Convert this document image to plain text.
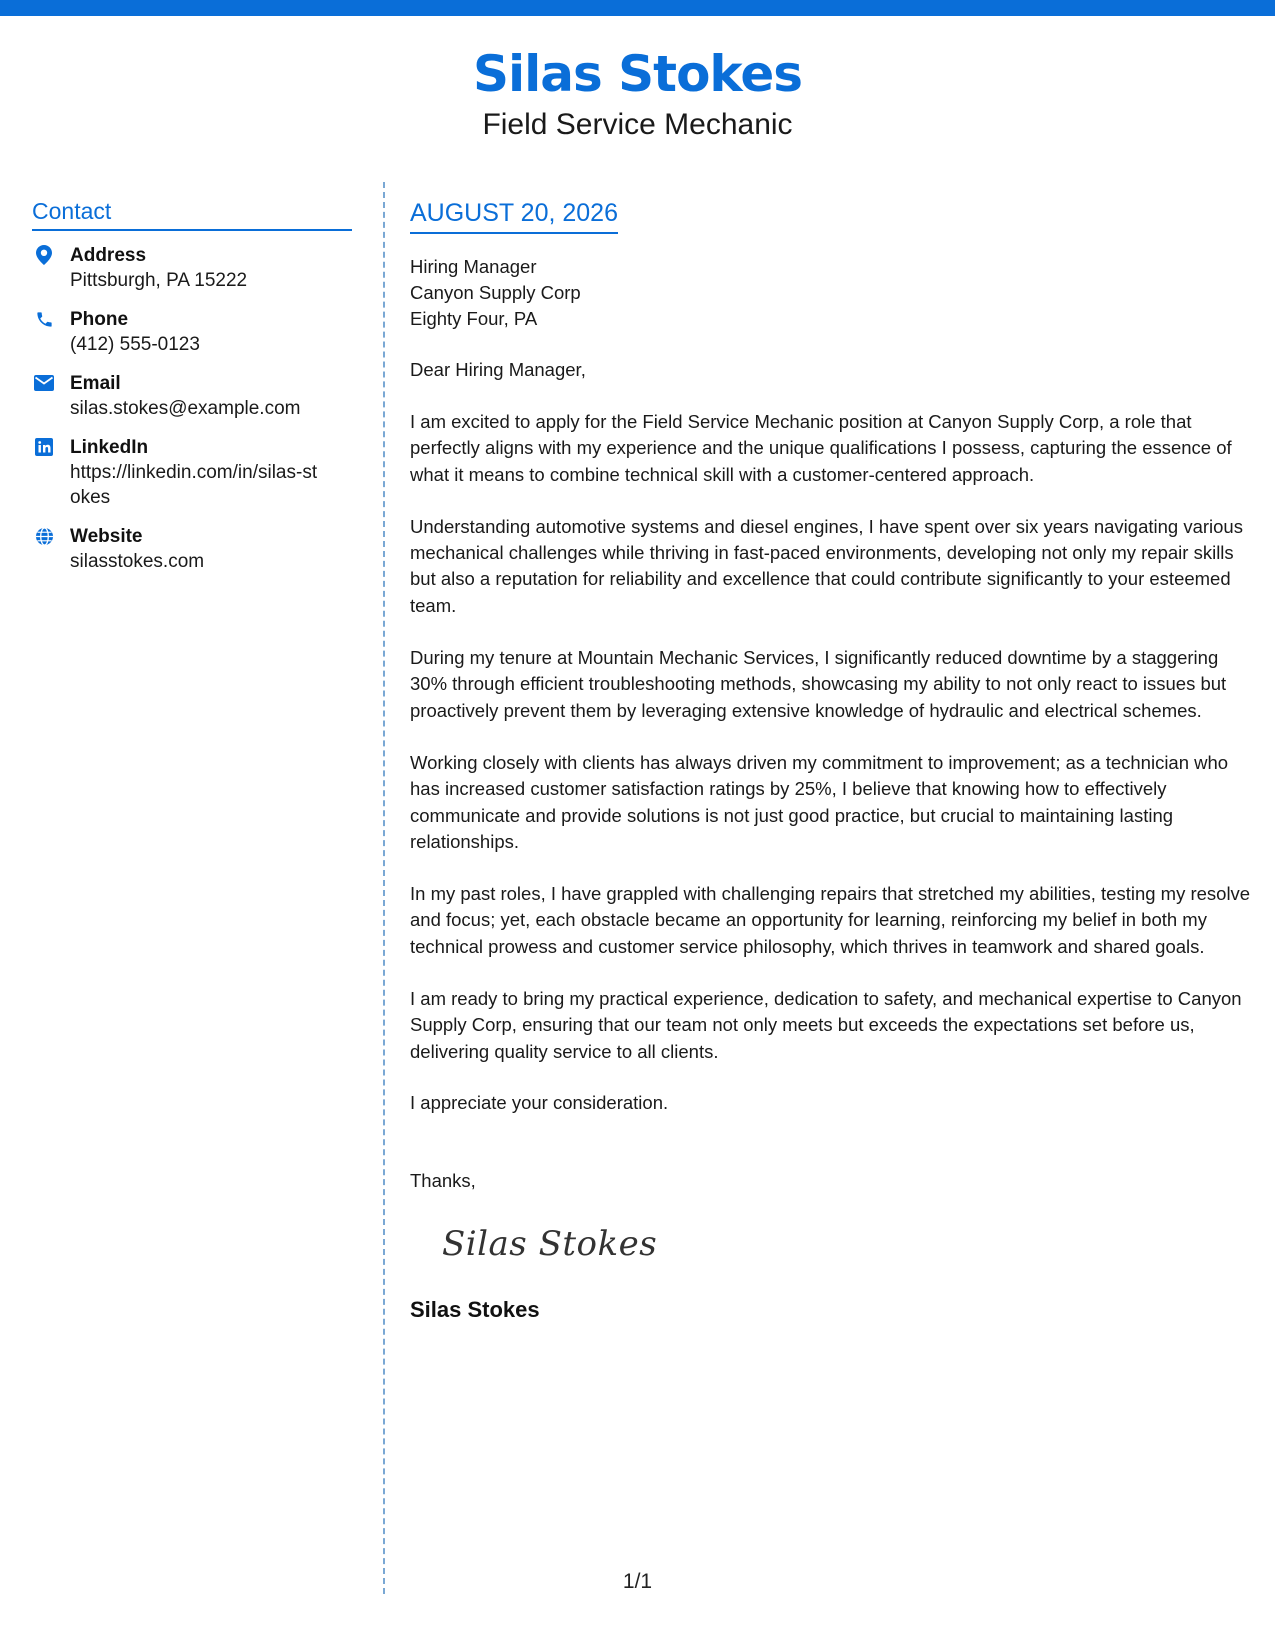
Silas Stokes
Field Service Mechanic
Contact
Address
Pittsburgh, PA 15222
Phone
(412) 555-0123
Email
silas.stokes@example.com
LinkedIn
https://linkedin.com/in/silas-stokes
Website
silasstokes.com
AUGUST 20, 2026
Hiring Manager
Canyon Supply Corp
Eighty Four, PA
Dear Hiring Manager,
I am excited to apply for the Field Service Mechanic position at Canyon Supply Corp, a role that perfectly aligns with my experience and the unique qualifications I possess, capturing the essence of what it means to combine technical skill with a customer-centered approach.
Understanding automotive systems and diesel engines, I have spent over six years navigating various mechanical challenges while thriving in fast-paced environments, developing not only my repair skills but also a reputation for reliability and excellence that could contribute significantly to your esteemed team.
During my tenure at Mountain Mechanic Services, I significantly reduced downtime by a staggering 30% through efficient troubleshooting methods, showcasing my ability to not only react to issues but proactively prevent them by leveraging extensive knowledge of hydraulic and electrical schemes.
Working closely with clients has always driven my commitment to improvement; as a technician who has increased customer satisfaction ratings by 25%, I believe that knowing how to effectively communicate and provide solutions is not just good practice, but crucial to maintaining lasting relationships.
In my past roles, I have grappled with challenging repairs that stretched my abilities, testing my resolve and focus; yet, each obstacle became an opportunity for learning, reinforcing my belief in both my technical prowess and customer service philosophy, which thrives in teamwork and shared goals.
I am ready to bring my practical experience, dedication to safety, and mechanical expertise to Canyon Supply Corp, ensuring that our team not only meets but exceeds the expectations set before us, delivering quality service to all clients.
I appreciate your consideration.
Thanks,
Silas Stokes
Silas Stokes
1/1
